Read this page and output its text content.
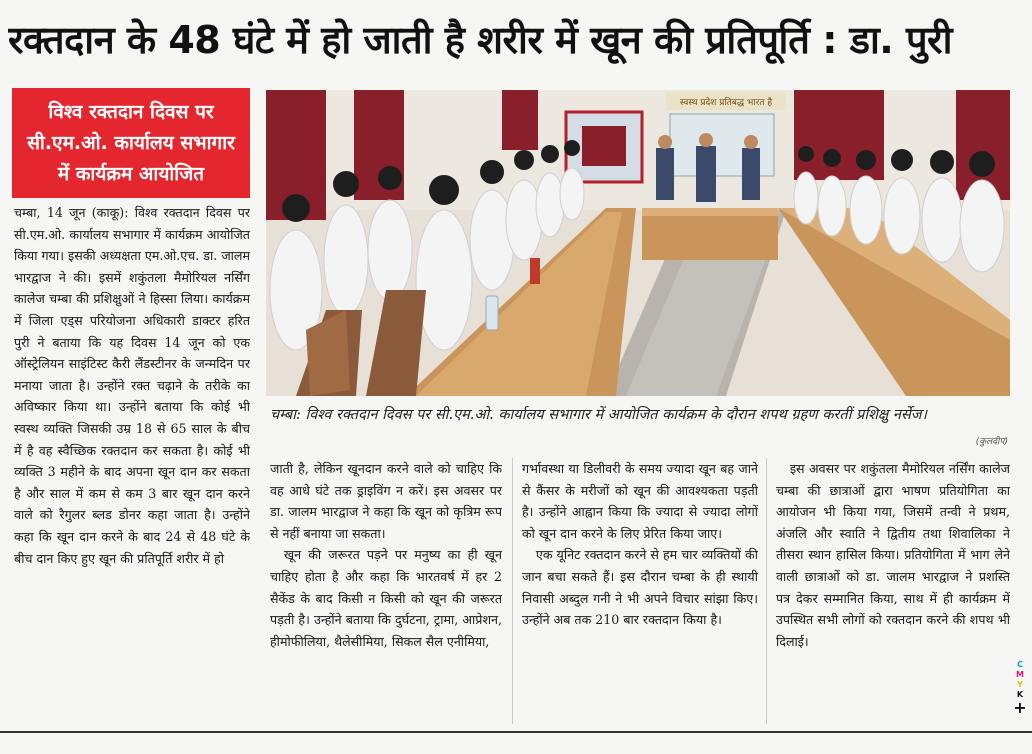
रक्तदान के 48 घंटे में हो जाती है शरीर में खून की प्रतिपूर्ति : डा. पुरी
विश्व रक्तदान दिवस पर
सी.एम.ओ. कार्यालय सभागार
में कार्यक्रम आयोजित

चम्बा, 14 जून (काकू): विश्व रक्तदान दिवस पर सी.एम.ओ. कार्यालय सभागार में कार्यक्रम आयोजित किया गया। इसकी अध्यक्षता एम.ओ.एच. डा. जालम भारद्वाज ने की। इसमें शकुंतला मैमोरियल नर्सिंग कालेज चम्बा की प्रशिक्षुओं ने हिस्सा लिया। कार्यक्रम में जिला एड्स परियोजना अधिकारी डाक्टर हरित पुरी ने बताया कि यह दिवस 14 जून को एक ऑस्ट्रेलियन साइंटिस्ट कैरी लैंडस्टीनर के जन्मदिन पर मनाया जाता है। उन्होंने रक्त चढ़ाने के तरीके का अविष्कार किया था। उन्होंने बताया कि कोई भी स्वस्थ व्यक्ति जिसकी उम्र 18 से 65 साल के बीच में है वह स्वैच्छिक रक्तदान कर सकता है। कोई भी व्यक्ति 3 महीने के बाद अपना खून दान कर सकता है और साल में कम से कम 3 बार खून दान करने वाले को रैगुलर ब्लड डोनर कहा जाता है। उन्होंने कहा कि खून दान करने के बाद 24 से 48 घंटे के बीच दान किए हुए खून की प्रतिपूर्ति शरीर में हो

स्वस्थ प्रदेश प्रतिबद्ध भारत है
चम्बा: विश्व रक्तदान दिवस पर सी.एम.ओ. कार्यालय सभागार में आयोजित कार्यक्रम के दौरान शपथ ग्रहण करतीं प्रशिक्षु नर्सेज।
(कुलदीप)

जाती है, लेकिन खूनदान करने वाले को चाहिए कि वह आधे घंटे तक ड्राइविंग न करें। इस अवसर पर डा. जालम भारद्वाज ने कहा कि खून को कृत्रिम रूप से नहीं बनाया जा सकता।

खून की जरूरत पड़ने पर मनुष्य का ही खून चाहिए होता है और कहा कि भारतवर्ष में हर 2 सैकेंड के बाद किसी न किसी को खून की जरूरत पड़ती है। उन्होंने बताया कि दुर्घटना, ट्रामा, आप्रेशन, हीमोफीलिया, थैलेसीमिया, सिकल सैल एनीमिया,

गर्भावस्था या डिलीवरी के समय ज्यादा खून बह जाने से कैंसर के मरीजों को खून की आवश्यकता पड़ती है। उन्होंने आह्वान किया कि ज्यादा से ज्यादा लोगों को खून दान करने के लिए प्रेरित किया जाए।

एक यूनिट रक्तदान करने से हम चार व्यक्तियों की जान बचा सकते हैं। इस दौरान चम्बा के ही स्थायी निवासी अब्दुल गनी ने भी अपने विचार सांझा किए। उन्होंने अब तक 210 बार रक्तदान किया है।

इस अवसर पर शकुंतला मैमोरियल नर्सिंग कालेज चम्बा की छात्राओं द्वारा भाषण प्रतियोगिता का आयोजन भी किया गया, जिसमें तन्वी ने प्रथम, अंजलि और स्वाति ने द्वितीय तथा शिवालिका ने तीसरा स्थान हासिल किया। प्रतियोगिता में भाग लेने वाली छात्राओं को डा. जालम भारद्वाज ने प्रशस्ति पत्र देकर सम्मानित किया, साथ में ही कार्यक्रम में उपस्थित सभी लोगों को रक्तदान करने की शपथ भी दिलाई।

C
M
Y
K
+
